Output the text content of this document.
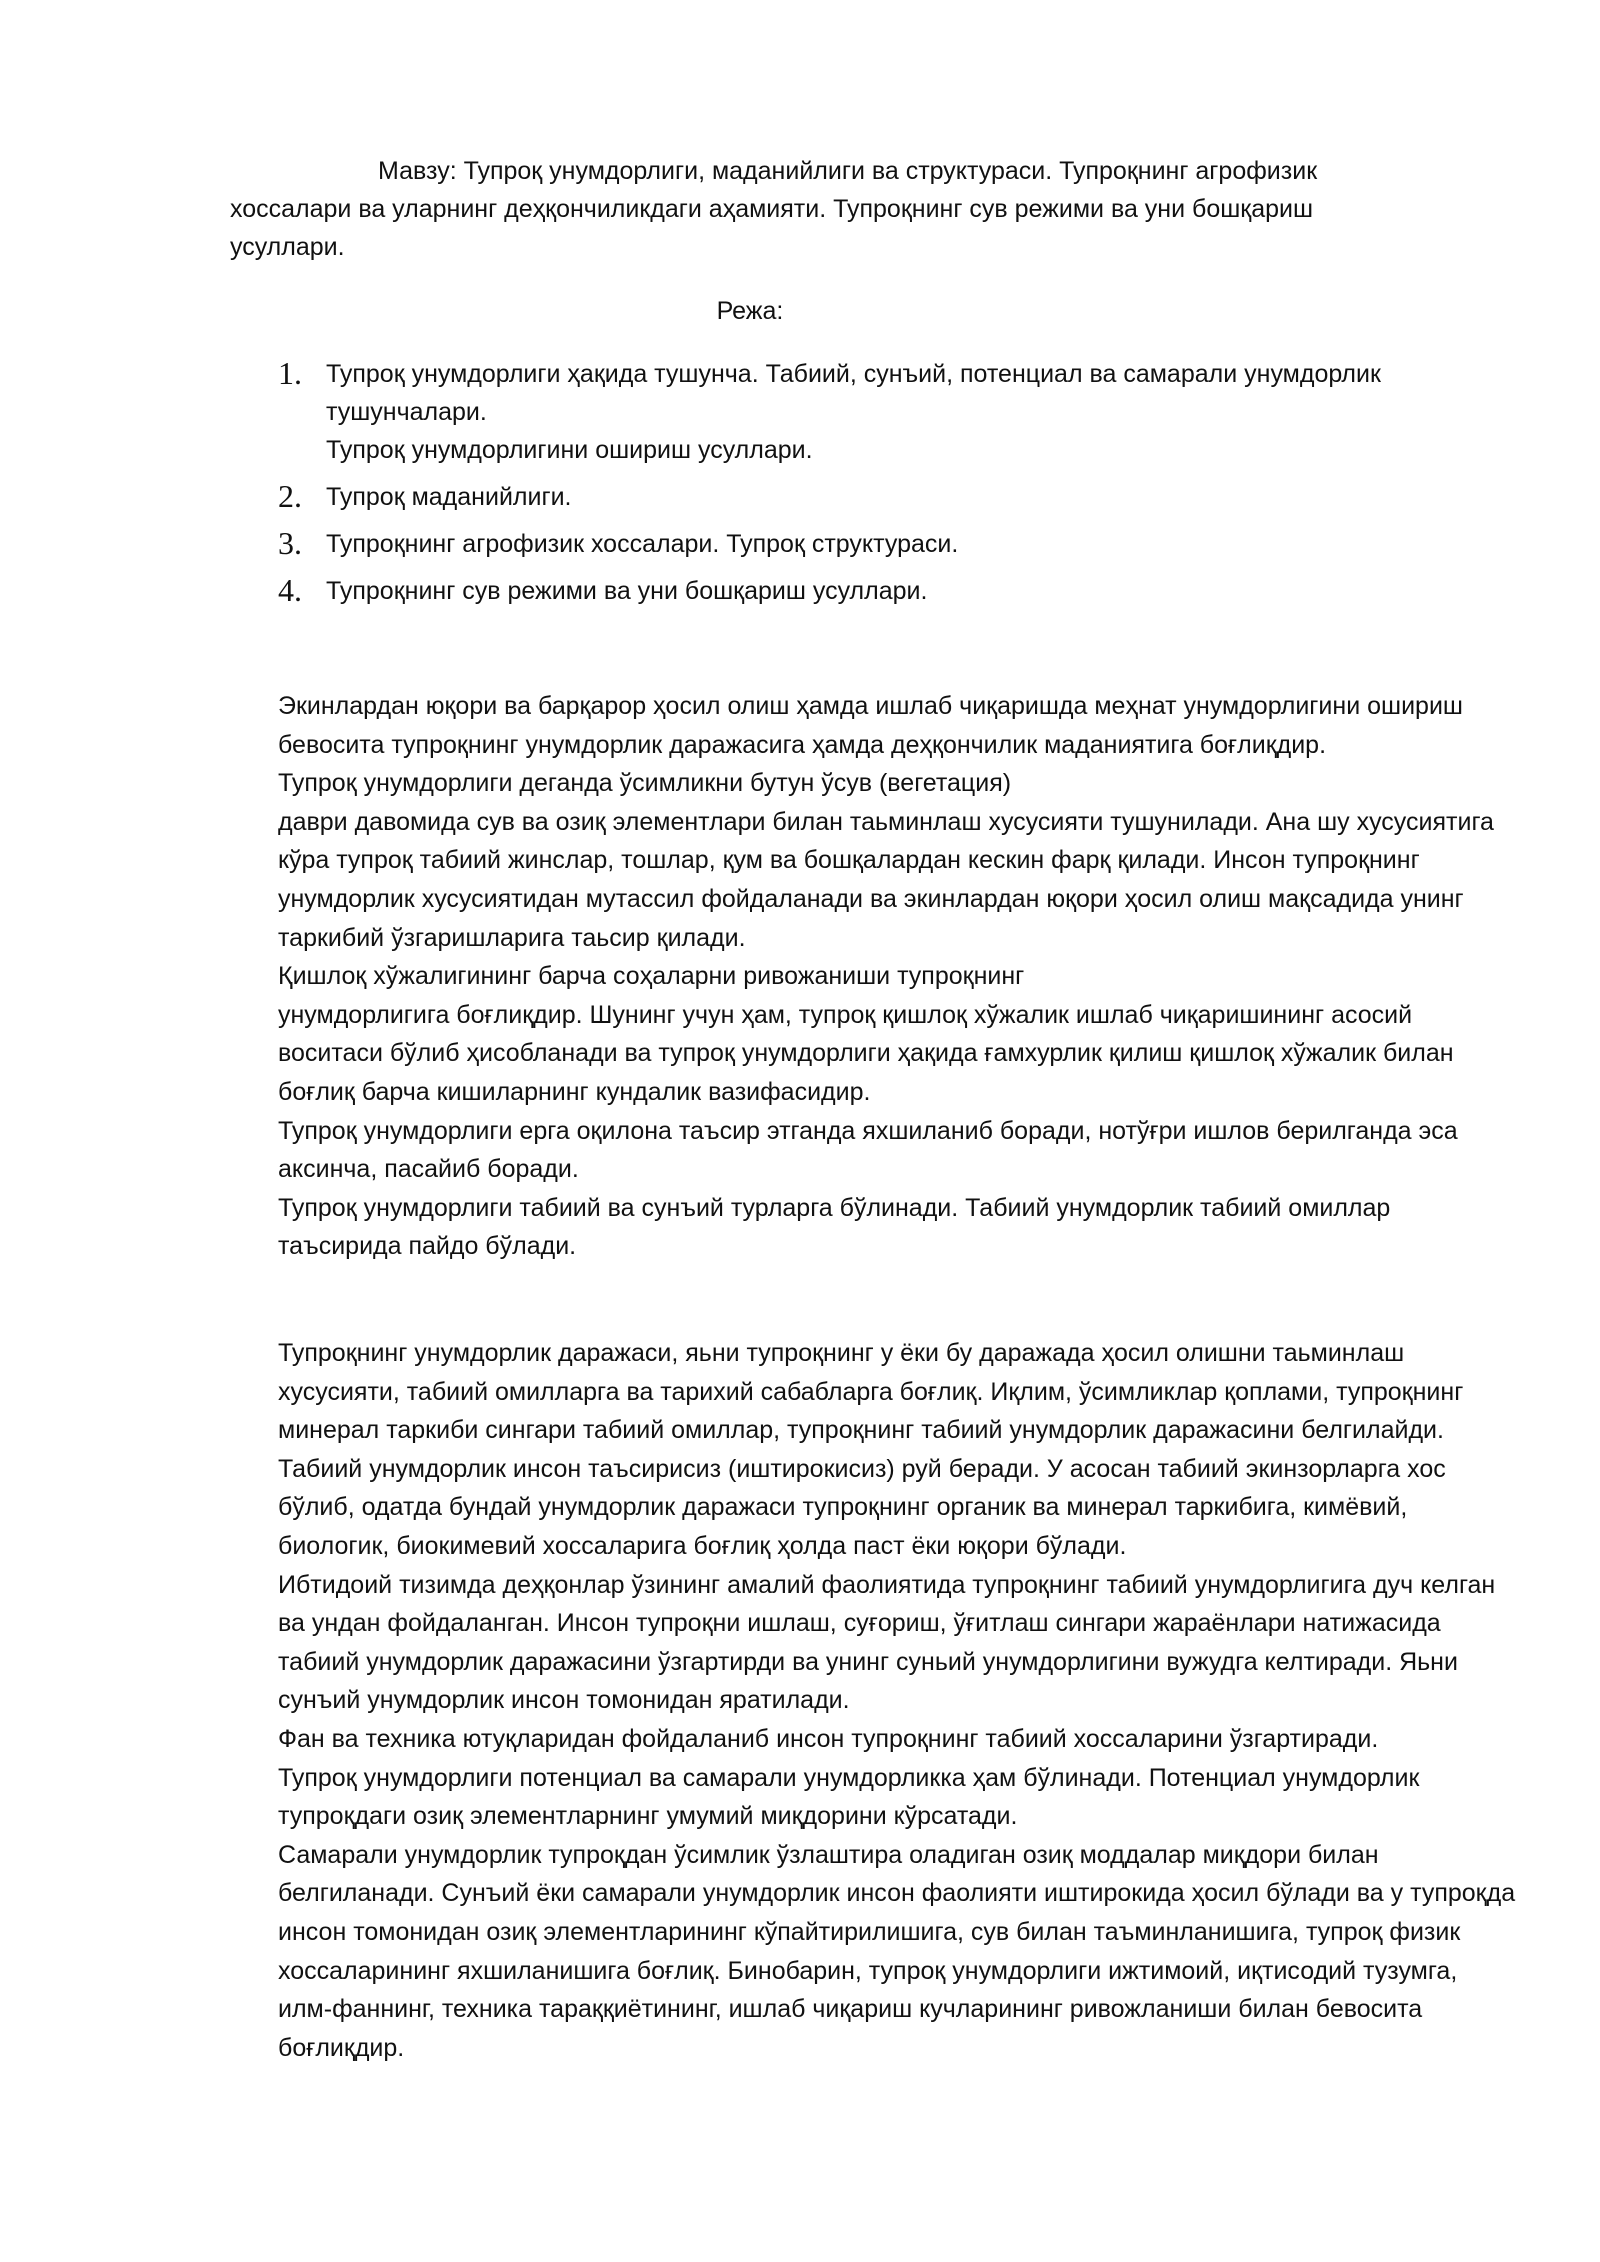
Мавзу: Тупроқ унумдорлиги, маданийлиги ва структураси. Тупроқнинг агрофизик хоссалари ва уларнинг деҳқончиликдаги аҳамияти. Тупроқнинг сув режими ва уни бошқариш усуллари.

Режа:

1. Тупроқ унумдорлиги ҳақида тушунча. Табиий, сунъий, потенциал ва самарали унумдорлик
тушунчалари.
Тупроқ унумдорлигини ошириш усуллари.
2. Тупроқ маданийлиги.
3. Тупроқнинг агрофизик хоссалари. Тупроқ структураси.
4. Тупроқнинг сув режими ва уни бошқариш усуллари.

Экинлардан юқори ва барқарор ҳосил олиш ҳамда ишлаб чиқаришда меҳнат унумдорлигини ошириш бевосита тупроқнинг унумдорлик даражасига ҳамда деҳқончилик маданиятига боғлиқдир.

Тупроқ унумдорлиги деганда ўсимликни бутун ўсув (вегетация)

даври давомида сув ва озиқ элементлари билан таьминлаш хусусияти тушунилади. Ана шу хусусиятига кўра тупроқ табиий жинслар, тошлар, қум ва бошқалардан кескин фарқ қилади. Инсон тупроқнинг унумдорлик хусусиятидан мутассил фойдаланади ва экинлардан юқори ҳосил олиш мақсадида унинг таркибий ўзгаришларига таьсир қилади.

Қишлоқ хўжалигининг барча соҳаларни ривожаниши тупроқнинг

унумдорлигига боғлиқдир. Шунинг учун ҳам, тупроқ қишлоқ хўжалик ишлаб чиқаришининг асосий воситаси бўлиб ҳисобланади ва тупроқ унумдорлиги ҳақида ғамхурлик қилиш қишлоқ хўжалик билан боғлиқ барча кишиларнинг кундалик вазифасидир.

Тупроқ унумдорлиги ерга оқилона таъсир этганда яхшиланиб боради, нотўғри ишлов берилганда эса аксинча, пасайиб боради.

Тупроқ унумдорлиги табиий ва сунъий турларга бўлинади. Табиий унумдорлик табиий омиллар таъсирида пайдо бўлади.

Тупроқнинг унумдорлик даражаси, яьни тупроқнинг у ёки бу даражада ҳосил олишни таьминлаш хусусияти, табиий омилларга ва тарихий сабабларга боғлиқ. Иқлим, ўсимликлар қоплами, тупроқнинг минерал таркиби сингари табиий омиллар, тупроқнинг табиий унумдорлик даражасини белгилайди. Табиий унумдорлик инсон таъсирисиз (иштирокисиз) руй беради. У асосан табиий экинзорларга хос бўлиб, одатда бундай унумдорлик даражаси тупроқнинг органик ва минерал таркибига, кимёвий, биологик, биокимевий хоссаларига боғлиқ ҳолда паст ёки юқори бўлади.

Ибтидоий тизимда деҳқонлар ўзининг амалий фаолиятида тупроқнинг табиий унумдорлигига дуч келган ва ундан фойдаланган. Инсон тупроқни ишлаш, суғориш, ўғитлаш сингари жараёнлари натижасида табиий унумдорлик даражасини ўзгартирди ва унинг суньий унумдорлигини вужудга келтиради. Яьни сунъий унумдорлик инсон томонидан яратилади.

Фан ва техника ютуқларидан фойдаланиб инсон тупроқнинг табиий хоссаларини ўзгартиради.

Тупроқ унумдорлиги потенциал ва самарали унумдорликка ҳам бўлинади. Потенциал унумдорлик тупроқдаги озиқ элементларнинг умумий миқдорини кўрсатади.

Самарали унумдорлик тупроқдан ўсимлик ўзлаштира оладиган озиқ моддалар миқдори билан белгиланади. Сунъий ёки самарали унумдорлик инсон фаолияти иштирокида ҳосил бўлади ва у тупроқда инсон томонидан озиқ элементларининг кўпайтирилишига, сув билан таъминланишига, тупроқ физик хоссаларининг яхшиланишига боғлиқ. Бинобарин, тупроқ унумдорлиги ижтимоий, иқтисодий тузумга, илм-фаннинг, техника тараққиётининг, ишлаб чиқариш кучларининг ривожланиши билан бевосита боғлиқдир.
